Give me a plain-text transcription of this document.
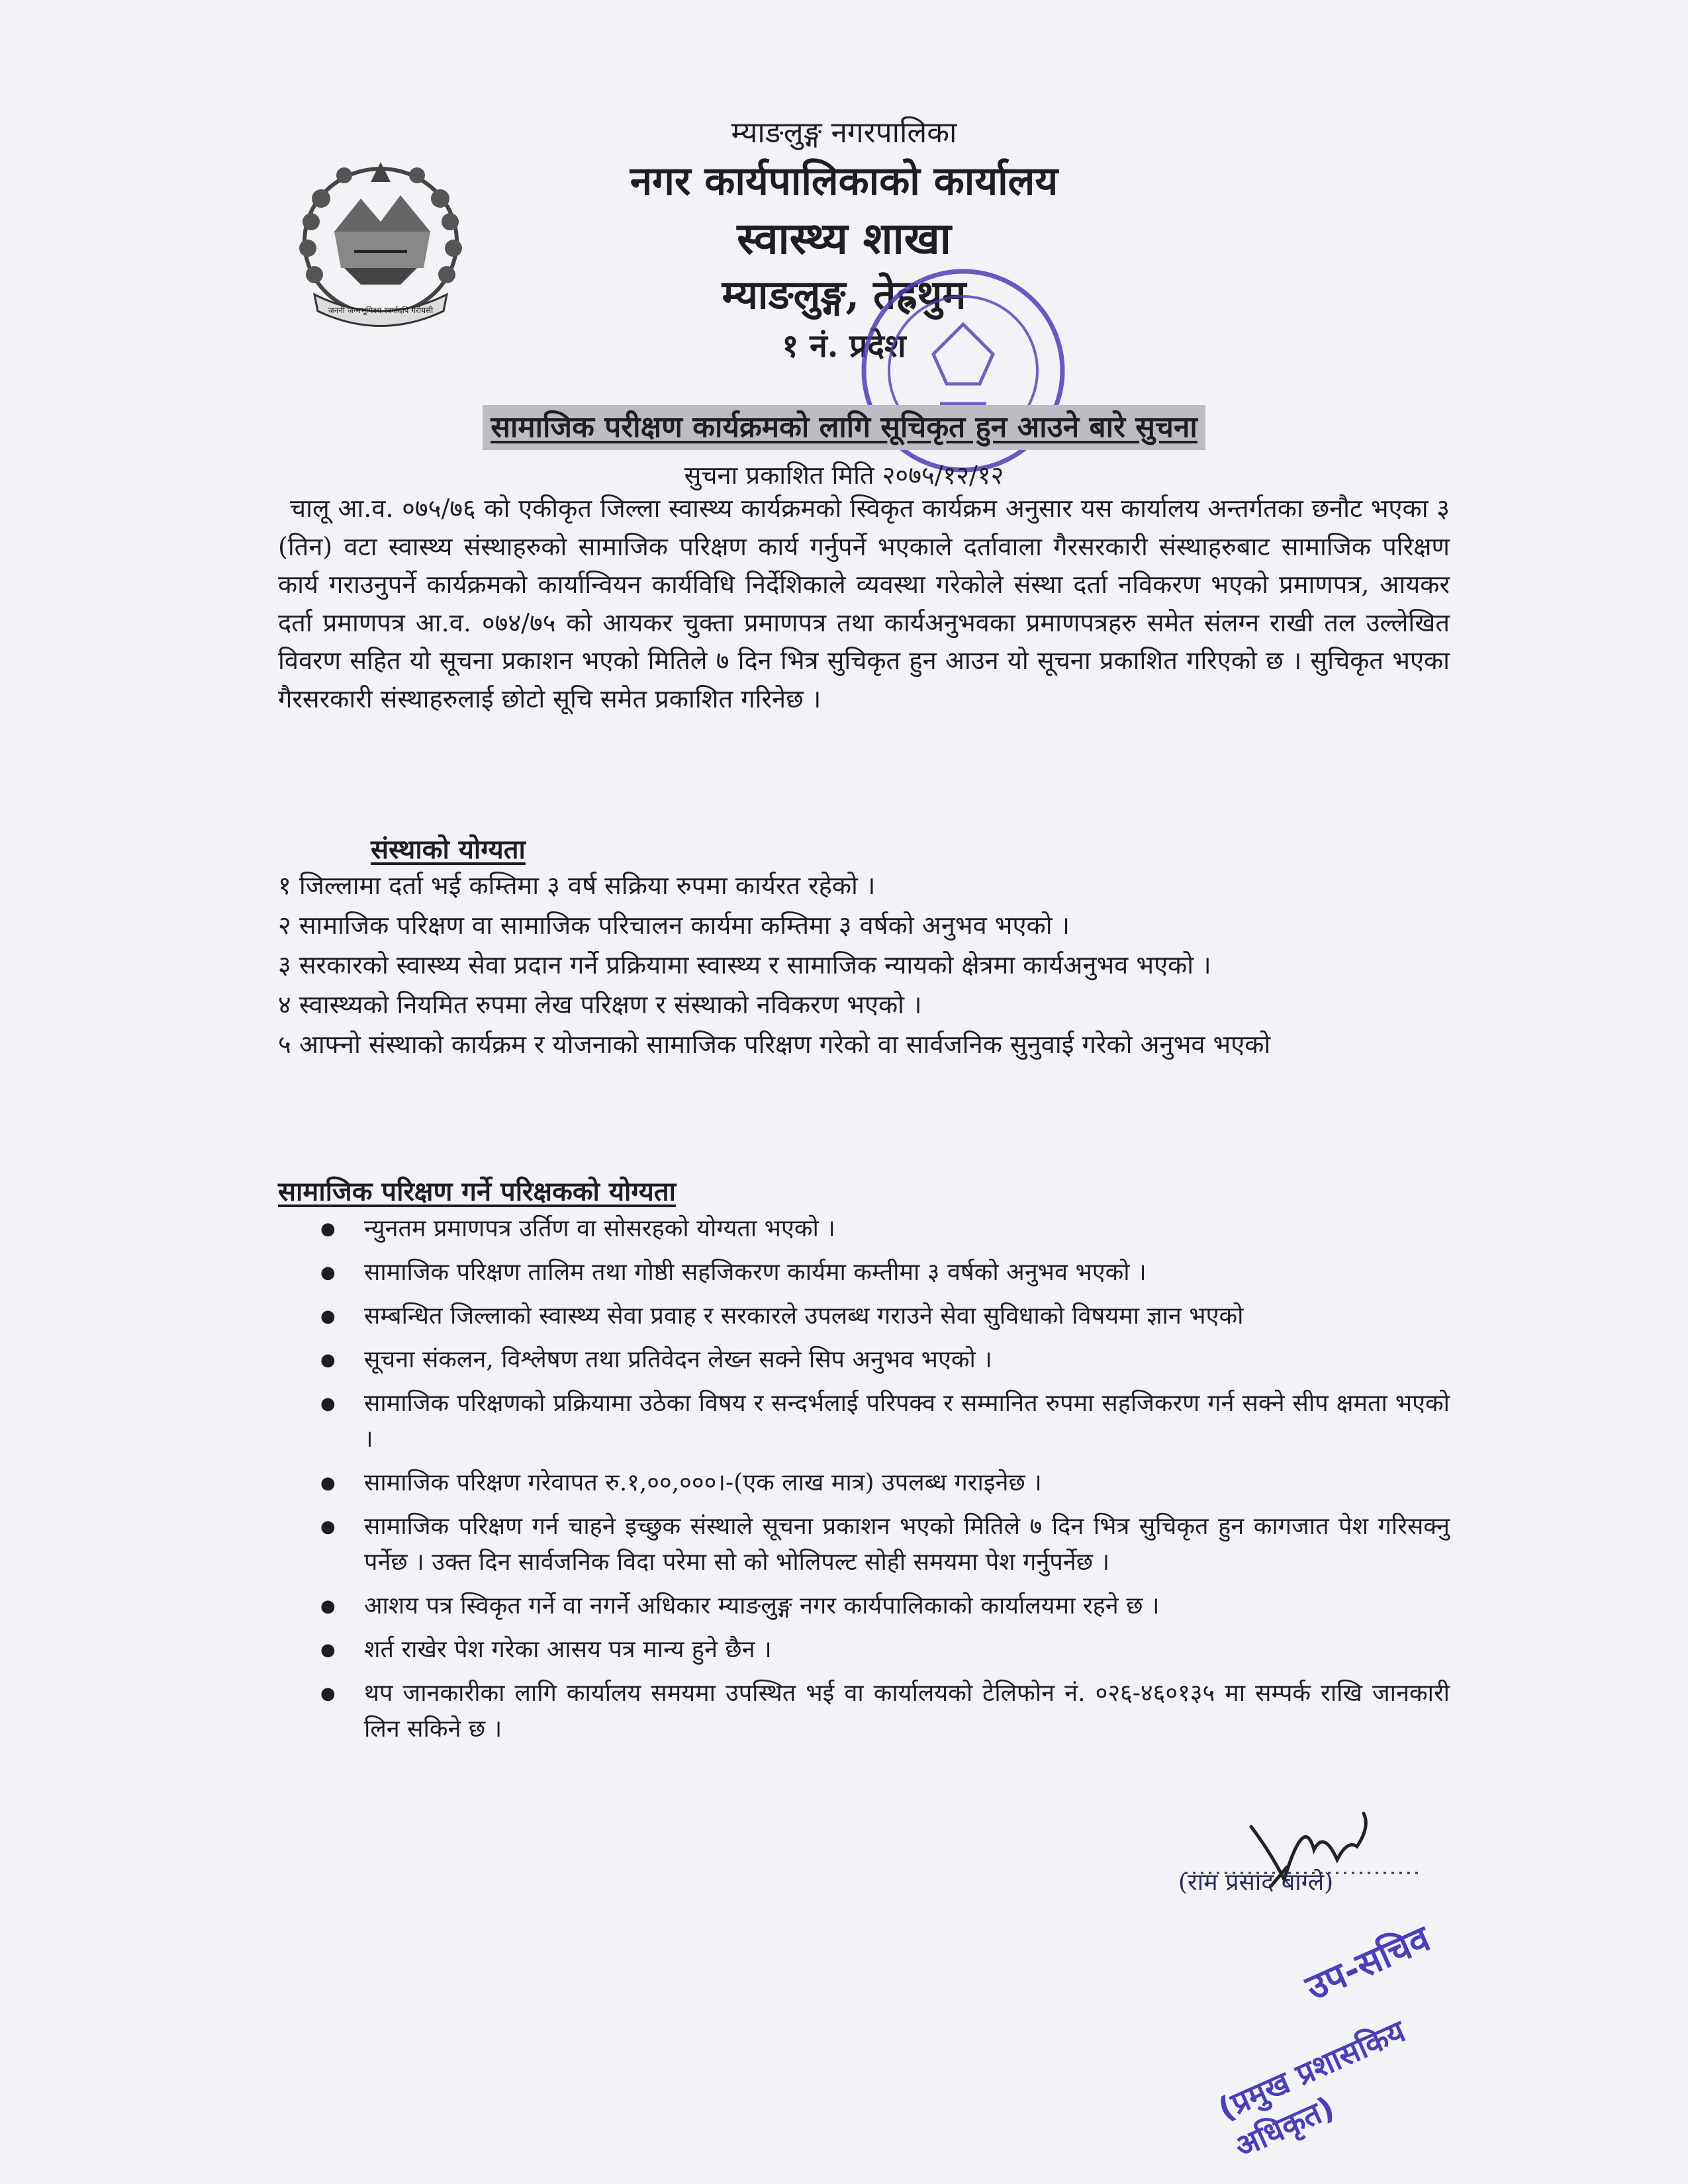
जननी जन्मभूमिश्च स्वर्गादपि गरीयसी
म्याङलुङ्ग नगरपालिका
नगर कार्यपालिकाको कार्यालय
स्वास्थ्य शाखा
म्याङलुङ्ग, तेह्रथुम
१ नं. प्रदेश
सामाजिक परीक्षण कार्यक्रमको लागि सूचिकृत हुन आउने बारे सुचना
सुचना प्रकाशित मिति २०७५/१२/१२
चालू आ.व. ०७५/७६ को एकीकृत जिल्ला स्वास्थ्य कार्यक्रमको स्विकृत कार्यक्रम अनुसार यस कार्यालय अन्तर्गतका छनौट भएका ३ (तिन) वटा स्वास्थ्य संस्थाहरुको सामाजिक परिक्षण कार्य गर्नुपर्ने भएकाले दर्तावाला गैरसरकारी संस्थाहरुबाट सामाजिक परिक्षण कार्य गराउनुपर्ने कार्यक्रमको कार्यान्वियन कार्यविधि निर्देशिकाले व्यवस्था गरेकोले संस्था दर्ता नविकरण भएको प्रमाणपत्र, आयकर दर्ता प्रमाणपत्र आ.व. ०७४/७५ को आयकर चुक्ता प्रमाणपत्र तथा कार्यअनुभवका प्रमाणपत्रहरु समेत संलग्न राखी तल उल्लेखित विवरण सहित यो सूचना प्रकाशन भएको मितिले ७ दिन भित्र सुचिकृत हुन आउन यो सूचना प्रकाशित गरिएको छ । सुचिकृत भएका गैरसरकारी संस्थाहरुलाई छोटो सूचि समेत प्रकाशित गरिनेछ ।
संस्थाको योग्यता
१ जिल्लामा दर्ता भई कम्तिमा ३ वर्ष सक्रिया रुपमा कार्यरत रहेको ।
२ सामाजिक परिक्षण वा सामाजिक परिचालन कार्यमा कम्तिमा ३ वर्षको अनुभव भएको ।
३ सरकारको स्वास्थ्य सेवा प्रदान गर्ने प्रक्रियामा स्वास्थ्य र सामाजिक न्यायको क्षेत्रमा कार्यअनुभव भएको ।
४ स्वास्थ्यको नियमित रुपमा लेख परिक्षण र संस्थाको नविकरण भएको ।
५ आफ्नो संस्थाको कार्यक्रम र योजनाको सामाजिक परिक्षण गरेको वा सार्वजनिक सुनुवाई गरेको अनुभव भएको
सामाजिक परिक्षण गर्ने परिक्षकको योग्यता
● न्युनतम प्रमाणपत्र उर्तिण वा सोसरहको योग्यता भएको ।
● सामाजिक परिक्षण तालिम तथा गोष्ठी सहजिकरण कार्यमा कम्तीमा ३ वर्षको अनुभव भएको ।
● सम्बन्धित जिल्लाको स्वास्थ्य सेवा प्रवाह र सरकारले उपलब्ध गराउने सेवा सुविधाको विषयमा ज्ञान भएको
● सूचना संकलन, विश्लेषण तथा प्रतिवेदन लेख्न सक्ने सिप अनुभव भएको ।
● सामाजिक परिक्षणको प्रक्रियामा उठेका विषय र सन्दर्भलाई परिपक्व र सम्मानित रुपमा सहजिकरण गर्न सक्ने सीप क्षमता भएको ।
● सामाजिक परिक्षण गरेवापत रु.१,००,०००।-(एक लाख मात्र) उपलब्ध गराइनेछ ।
● सामाजिक परिक्षण गर्न चाहने इच्छुक संस्थाले सूचना प्रकाशन भएको मितिले ७ दिन भित्र सुचिकृत हुन कागजात पेश गरिसक्नु पर्नेछ । उक्त दिन सार्वजनिक विदा परेमा सो को भोलिपल्ट सोही समयमा पेश गर्नुपर्नेछ ।
● आशय पत्र स्विकृत गर्ने वा नगर्ने अधिकार म्याङलुङ्ग नगर कार्यपालिकाको कार्यालयमा रहने छ ।
● शर्त राखेर पेश गरेका आसय पत्र मान्य हुने छैन ।
● थप जानकारीका लागि कार्यालय समयमा उपस्थित भई वा कार्यालयको टेलिफोन नं. ०२६-४६०१३५ मा सम्पर्क राखि जानकारी लिन सकिने छ ।
(राम प्रसाद बाग्ले)
उप-सचिव
(प्रमुख प्रशासकिय अधिकृत)
